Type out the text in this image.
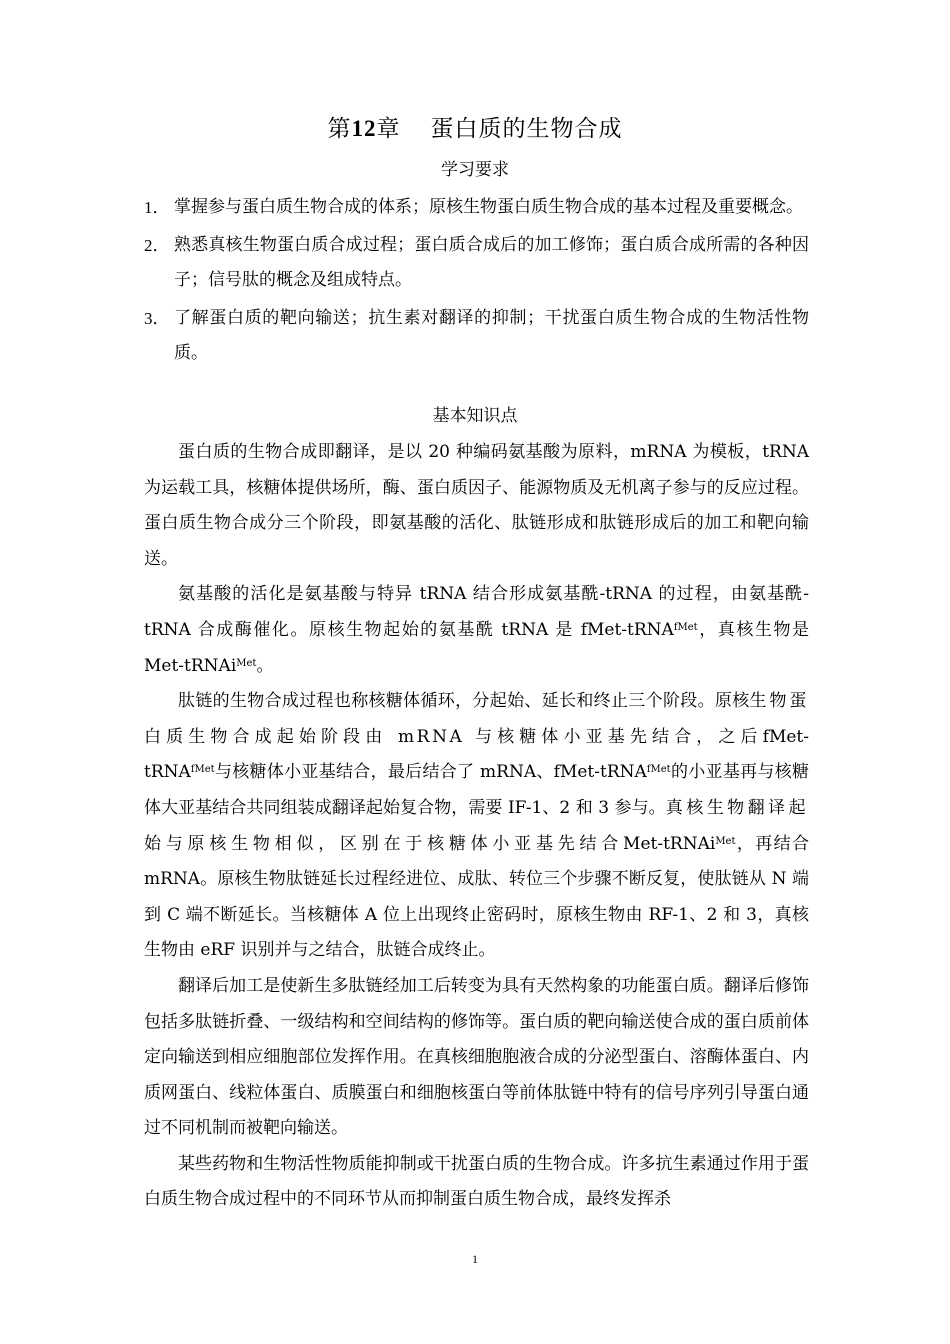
第12章 蛋白质的生物合成
学习要求
1． 掌握参与蛋白质生物合成的体系；原核生物蛋白质生物合成的基本过程及重要概念。
2． 熟悉真核生物蛋白质合成过程；蛋白质合成后的加工修饰；蛋白质合成所需的各种因子；信号肽的概念及组成特点。
3． 了解蛋白质的靶向输送；抗生素对翻译的抑制；干扰蛋白质生物合成的生物活性物质。
基本知识点

蛋白质的生物合成即翻译，是以 20 种编码氨基酸为原料，mRNA 为模板，tRNA 为运载工具，核糖体提供场所，酶、蛋白质因子、能源物质及无机离子参与的反应过程。蛋白质生物合成分三个阶段，即氨基酸的活化、肽链形成和肽链形成后的加工和靶向输送。

氨基酸的活化是氨基酸与特异 tRNA 结合形成氨基酰-tRNA 的过程，由氨基酰-tRNA 合成酶催化。原核生物起始的氨基酰 tRNA 是 fMet-tRNA$^{fMet}$，真核生物是 Met-tRNAi$^{Met}$。

肽链的生物合成过程也称核糖体循环，分起始、延长和终止三个阶段。原核生物蛋白质生物合成起始阶段由 mRNA 与核糖体小亚基先结合，之后fMet-tRNA$^{fMet}$与核糖体小亚基结合，最后结合了 mRNA、fMet-tRNA$^{fMet}$的小亚基再与核糖体大亚基结合共同组装成翻译起始复合物，需要 IF-1、2 和 3 参与。真核生物翻译起始与原核生物相似，区别在于核糖体小亚基先结合Met-tRNAi$^{Met}$，再结合 mRNA。原核生物肽链延长过程经进位、成肽、转位三个步骤不断反复，使肽链从 N 端到 C 端不断延长。当核糖体 A 位上出现终止密码时，原核生物由 RF-1、2 和 3，真核生物由 eRF 识别并与之结合，肽链合成终止。

翻译后加工是使新生多肽链经加工后转变为具有天然构象的功能蛋白质。翻译后修饰包括多肽链折叠、一级结构和空间结构的修饰等。蛋白质的靶向输送使合成的蛋白质前体定向输送到相应细胞部位发挥作用。在真核细胞胞液合成的分泌型蛋白、溶酶体蛋白、内质网蛋白、线粒体蛋白、质膜蛋白和细胞核蛋白等前体肽链中特有的信号序列引导蛋白通过不同机制而被靶向输送。

某些药物和生物活性物质能抑制或干扰蛋白质的生物合成。许多抗生素通过作用于蛋白质生物合成过程中的不同环节从而抑制蛋白质生物合成，最终发挥杀

1
